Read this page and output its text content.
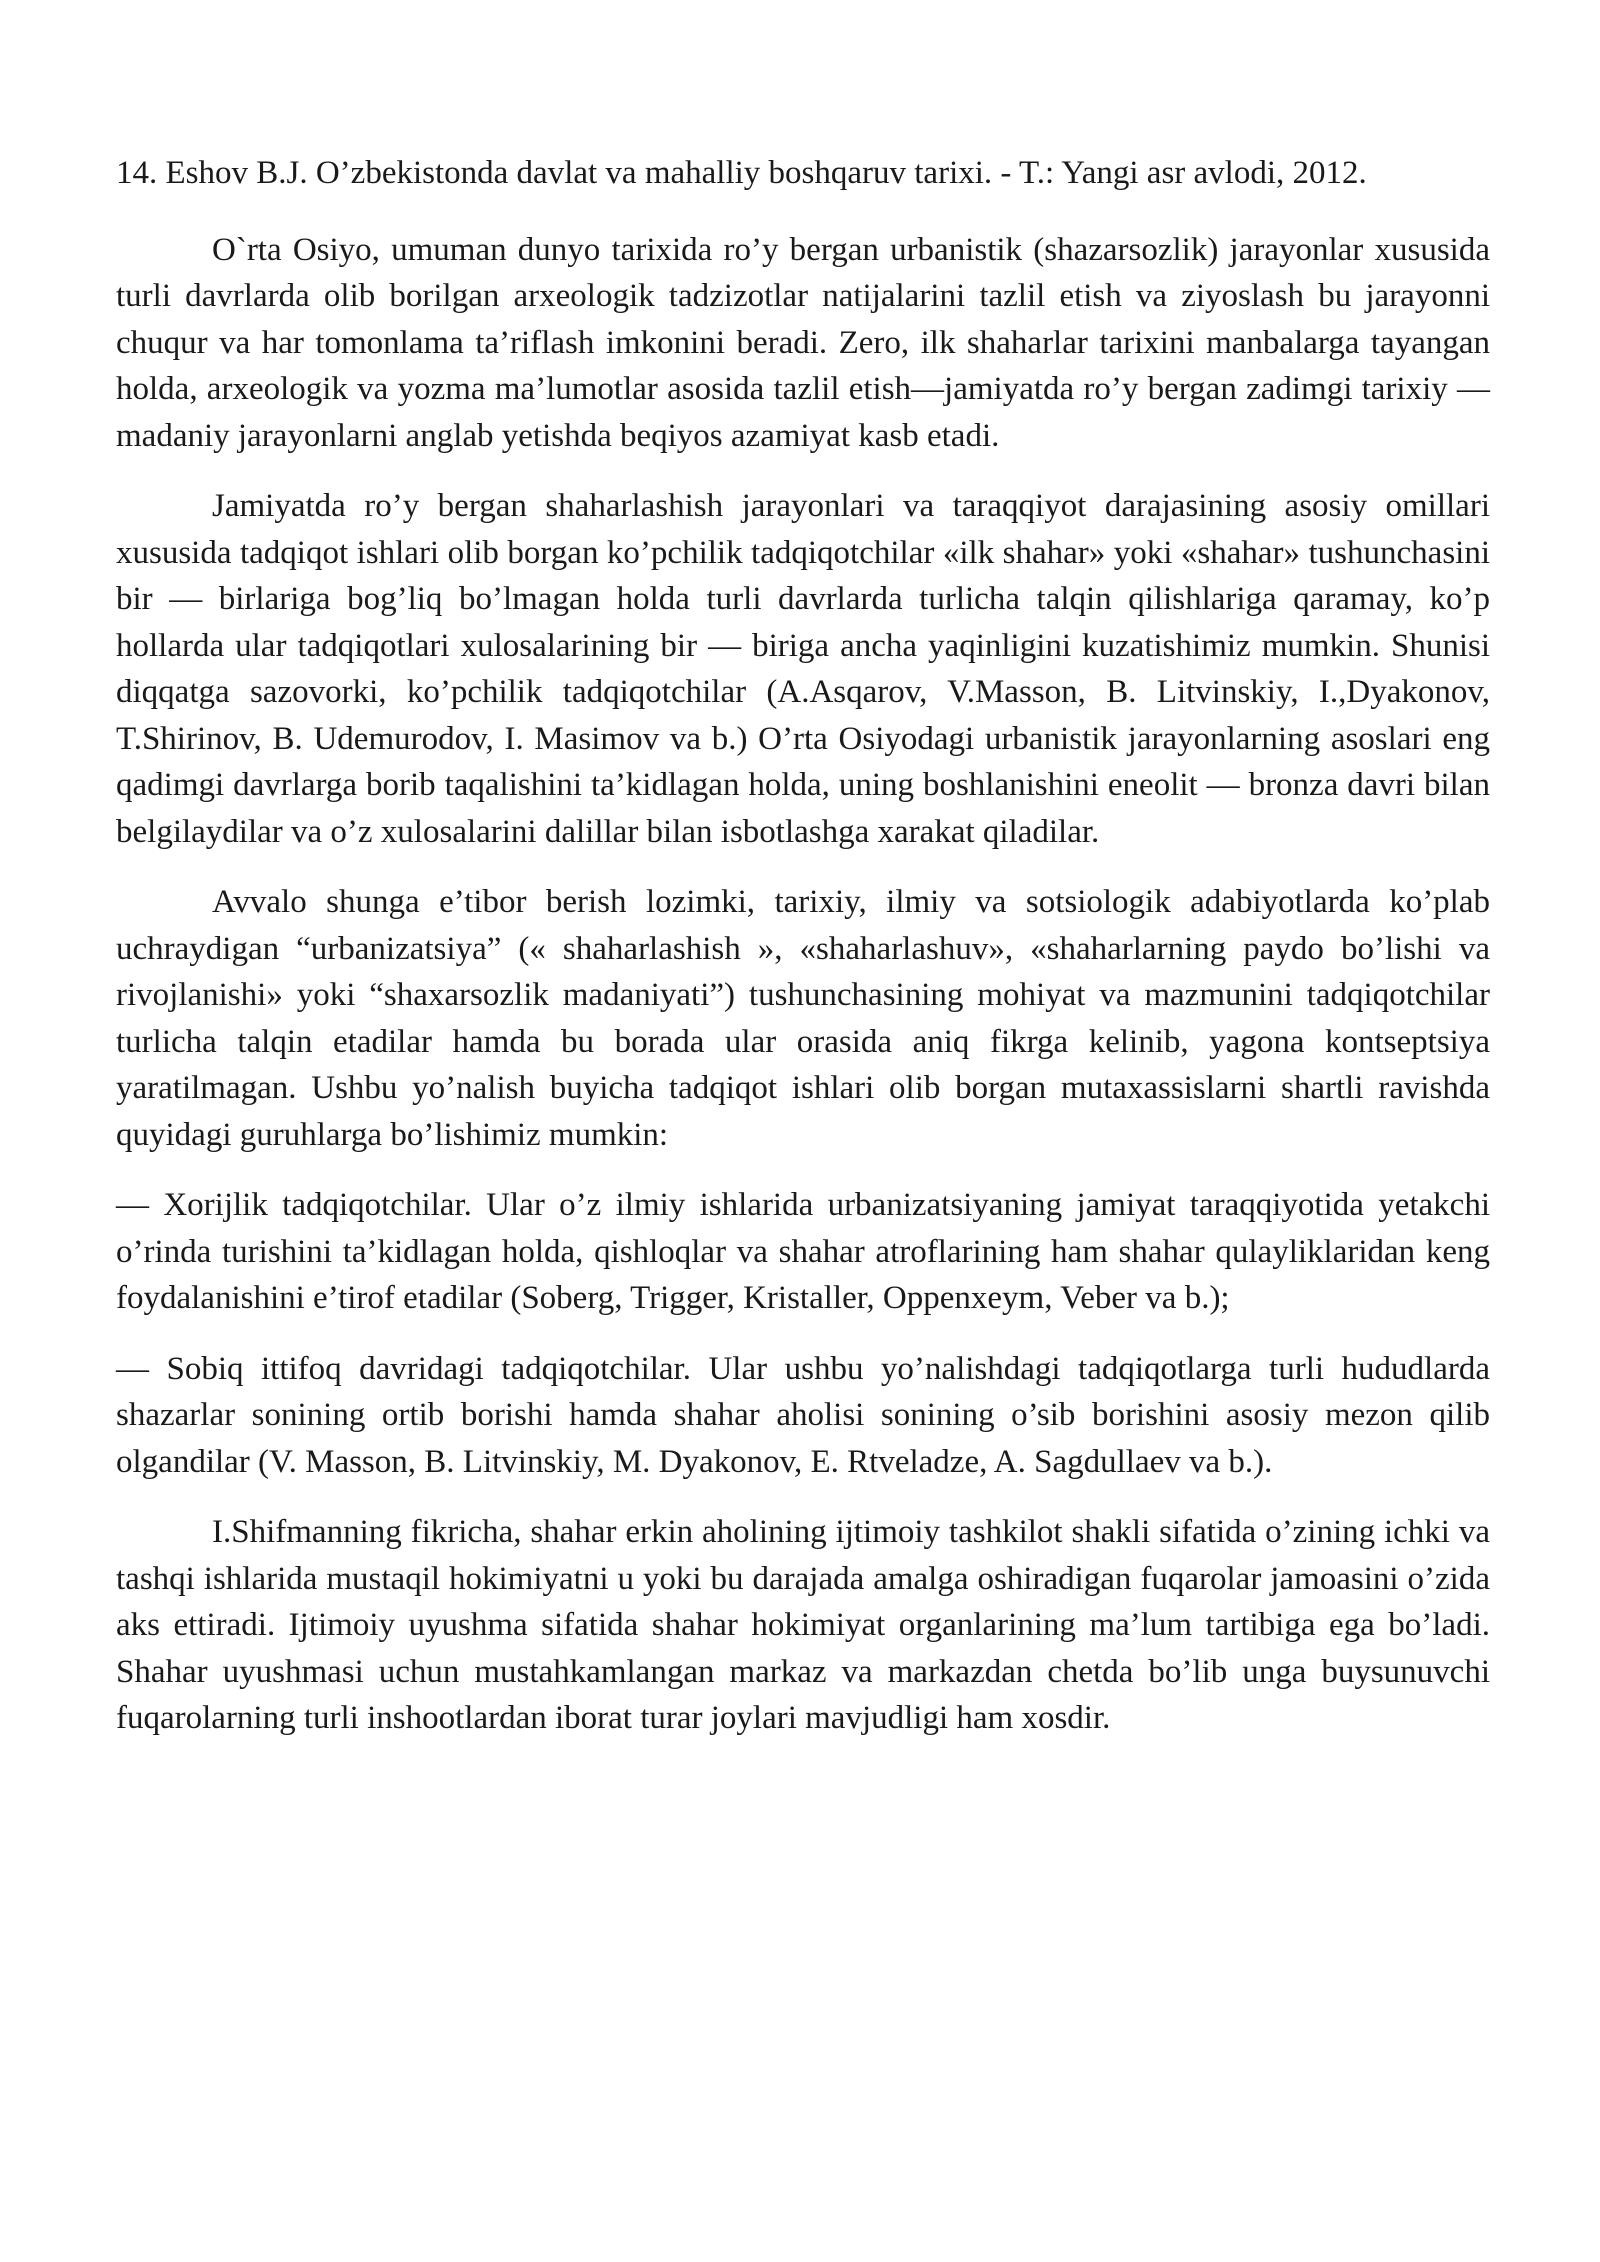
14. Eshov B.J. O’zbekistonda davlat va mahalliy boshqaruv tarixi. - T.: Yangi asr avlodi, 2012.

O`rta Osiyo, umuman dunyo tarixida ro’y bergan urbanistik (shazarsozlik) jarayonlar xususida turli davrlarda olib borilgan arxeologik tadzizotlar natijalarini tazlil etish va ziyoslash bu jarayonni chuqur va har tomonlama ta’riflash imkonini beradi. Zero, ilk shaharlar tarixini manbalarga tayangan holda, arxeologik va yozma ma’lumotlar asosida tazlil etish—jamiyatda ro’y bergan zadimgi tarixiy — madaniy jarayonlarni anglab yetishda beqiyos azamiyat kasb etadi.

Jamiyatda ro’y bergan shaharlashish jarayonlari va taraqqiyot darajasining asosiy omillari xususida tadqiqot ishlari olib borgan ko’pchilik tadqiqotchilar «ilk shahar» yoki «shahar» tushunchasini bir — birlariga bog’liq bo’lmagan holda turli davrlarda turlicha talqin qilishlariga qaramay, ko’p hollarda ular tadqiqotlari xulosalarining bir — biriga ancha yaqinligini kuzatishimiz mumkin. Shunisi diqqatga sazovorki, ko’pchilik tadqiqotchilar (A.Asqarov, V.Masson, B. Litvinskiy, I.,Dyakonov, T.Shirinov, B. Udemurodov, I. Masimov va b.) O’rta Osiyodagi urbanistik jarayonlarning asoslari eng qadimgi davrlarga borib taqalishini ta’kidlagan holda, uning boshlanishini eneolit — bronza davri bilan belgilaydilar va o’z xulosalarini dalillar bilan isbotlashga xarakat qiladilar.

Avvalo shunga e’tibor berish lozimki, tarixiy, ilmiy va sotsiologik adabiyotlarda ko’plab uchraydigan “urbanizatsiya” (« shaharlashish », «shaharlashuv», «shaharlarning paydo bo’lishi va rivojlanishi» yoki “shaxarsozlik madaniyati”) tushunchasining mohiyat va mazmunini tadqiqotchilar turlicha talqin etadilar hamda bu borada ular orasida aniq fikrga kelinib, yagona kontseptsiya yaratilmagan. Ushbu yo’nalish buyicha tadqiqot ishlari olib borgan mutaxassislarni shartli ravishda quyidagi guruhlarga bo’lishimiz mumkin:

— Xorijlik tadqiqotchilar. Ular o’z ilmiy ishlarida urbanizatsiyaning jamiyat taraqqiyotida yetakchi o’rinda turishini ta’kidlagan holda, qishloqlar va shahar atroflarining ham shahar qulayliklaridan keng foydalanishini e’tirof etadilar (Soberg, Trigger, Kristaller, Oppenxeym, Veber va b.);

— Sobiq ittifoq davridagi tadqiqotchilar. Ular ushbu yo’nalishdagi tadqiqotlarga turli hududlarda shazarlar sonining ortib borishi hamda shahar aholisi sonining o’sib borishini asosiy mezon qilib olgandilar (V. Masson, B. Litvinskiy, M. Dyakonov, E. Rtveladze, A. Sagdullaev va b.).

I.Shifmanning fikricha, shahar erkin aholining ijtimoiy tashkilot shakli sifatida o’zining ichki va tashqi ishlarida mustaqil hokimiyatni u yoki bu darajada amalga oshiradigan fuqarolar jamoasini o’zida aks ettiradi. Ijtimoiy uyushma sifatida shahar hokimiyat organlarining ma’lum tartibiga ega bo’ladi. Shahar uyushmasi uchun mustahkamlangan markaz va markazdan chetda bo’lib unga buysunuvchi fuqarolarning turli inshootlardan iborat turar joylari mavjudligi ham xosdir.
